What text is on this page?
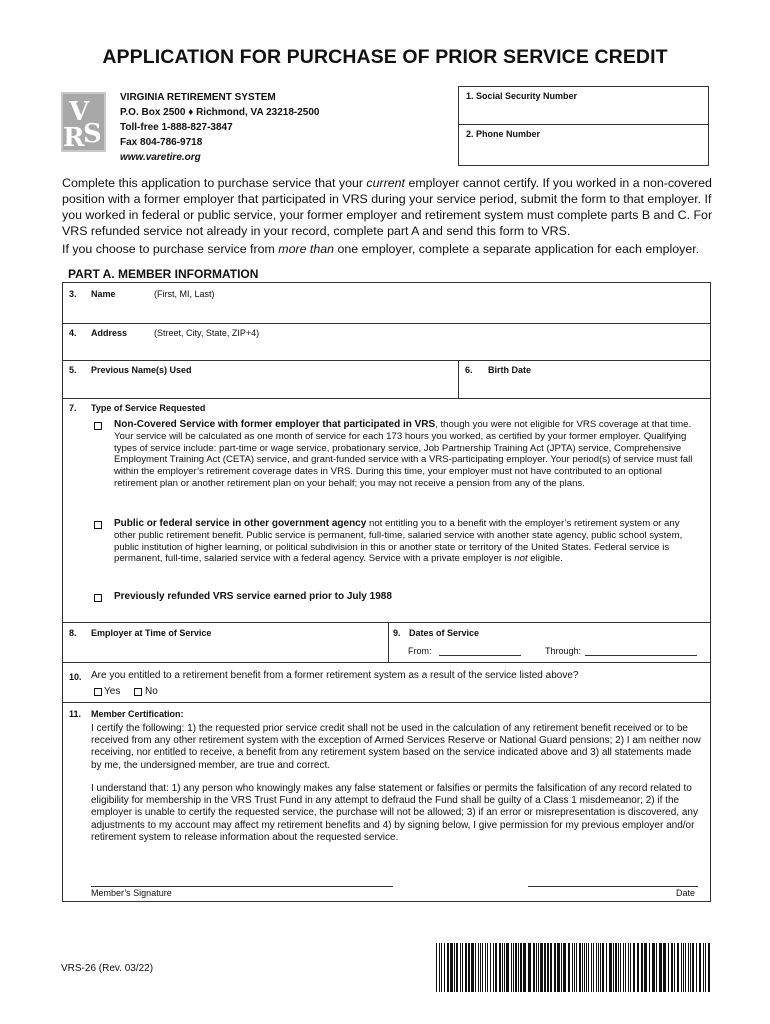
APPLICATION FOR PURCHASE OF PRIOR SERVICE CREDIT
V
R
S
VIRGINIA RETIREMENT SYSTEM
P.O. Box 2500 ♦ Richmond, VA 23218-2500
Toll-free 1-888-827-3847
Fax 804-786-9718
www.varetire.org
1. Social Security Number
2. Phone Number
Complete this application to purchase service that your current employer cannot certify. If you worked in a non-covered position with a former employer that participated in VRS during your service period, submit the form to that employer. If you worked in federal or public service, your former employer and retirement system must complete parts B and C. For VRS refunded service not already in your record, complete part A and send this form to VRS.
If you choose to purchase service from more than one employer, complete a separate application for each employer.
PART A. MEMBER INFORMATION
3. Name	(First, MI, Last)
4. Address	(Street, City, State, ZIP+4)
5. Previous Name(s) Used	6. Birth Date
7. Type of Service Requested
Non-Covered Service with former employer that participated in VRS, though you were not eligible for VRS coverage at that time. Your service will be calculated as one month of service for each 173 hours you worked, as certified by your former employer. Qualifying types of service include: part-time or wage service, probationary service, Job Partnership Training Act (JPTA) service, Comprehensive Employment Training Act (CETA) service, and grant-funded service with a VRS-participating employer. Your period(s) of service must fall within the employer’s retirement coverage dates in VRS. During this time, your employer must not have contributed to an optional retirement plan or another retirement plan on your behalf; you may not receive a pension from any of the plans.
Public or federal service in other government agency not entitling you to a benefit with the employer’s retirement system or any other public retirement benefit. Public service is permanent, full-time, salaried service with another state agency, public school system, public institution of higher learning, or political subdivision in this or another state or territory of the United States. Federal service is permanent, full-time, salaried service with a federal agency. Service with a private employer is not eligible.
Previously refunded VRS service earned prior to July 1988
8. Employer at Time of Service	9. Dates of Service
From:	Through:
10. Are you entitled to a retirement benefit from a former retirement system as a result of the service listed above?
Yes No
11. Member Certification:
I certify the following: 1) the requested prior service credit shall not be used in the calculation of any retirement benefit received or to be received from any other retirement system with the exception of Armed Services Reserve or National Guard pensions; 2) I am neither now receiving, nor entitled to receive, a benefit from any retirement system based on the service indicated above and 3) all statements made by me, the undersigned member, are true and correct.
I understand that: 1) any person who knowingly makes any false statement or falsifies or permits the falsification of any record related to eligibility for membership in the VRS Trust Fund in any attempt to defraud the Fund shall be guilty of a Class 1 misdemeanor; 2) if the employer is unable to certify the requested service, the purchase will not be allowed; 3) if an error or misrepresentation is discovered, any adjustments to my account may affect my retirement benefits and 4) by signing below, I give permission for my previous employer and/or retirement system to release information about the requested service.
Member’s Signature	Date
VRS-26 (Rev. 03/22)
